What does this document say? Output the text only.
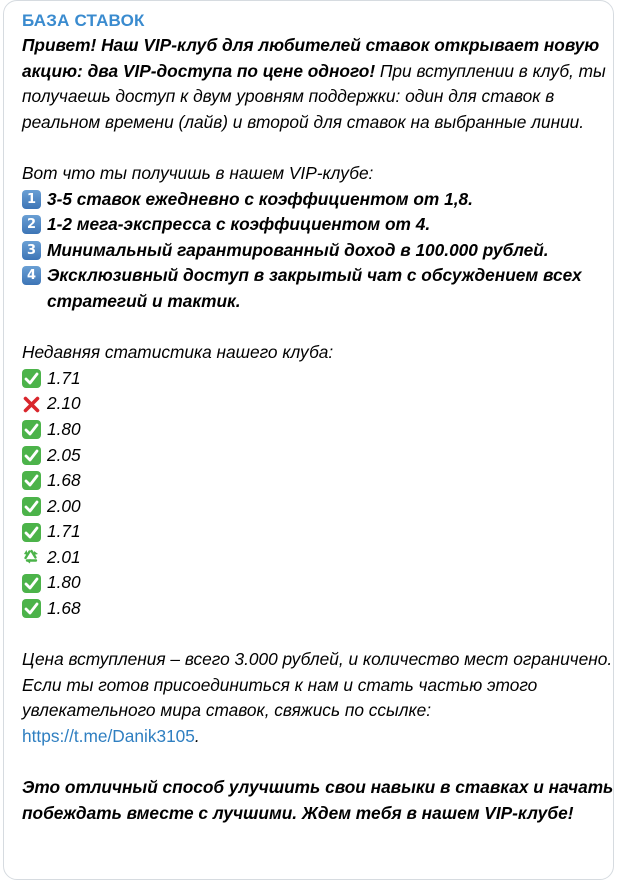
БАЗА СТАВОК
Привет! Наш VIP-клуб для любителей ставок открывает новую акцию: два VIP-доступа по цене одного! При вступлении в клуб, ты получаешь доступ к двум уровням поддержки: один для ставок в реальном времени (лайв) и второй для ставок на выбранные линии.
Вот что ты получишь в нашем VIP-клубе:
1 3-5 ставок ежедневно с коэффициентом от 1,8.
2 1-2 мега-экспресса с коэффициентом от 4.
3 Минимальный гарантированный доход в 100.000 рублей.
4 Эксклюзивный доступ в закрытый чат с обсуждением всех стратегий и тактик.
Недавняя статистика нашего клуба:
1.71
2.10
1.80
2.05
1.68
2.00
1.71
2.01
1.80
1.68
Цена вступления – всего 3.000 рублей, и количество мест ограничено. Если ты готов присоединиться к нам и стать частью этого увлекательного мира ставок, свяжись по ссылке:
https://t.me/Danik3105.
Это отличный способ улучшить свои навыки в ставках и начать побеждать вместе с лучшими. Ждем тебя в нашем VIP-клубе!
